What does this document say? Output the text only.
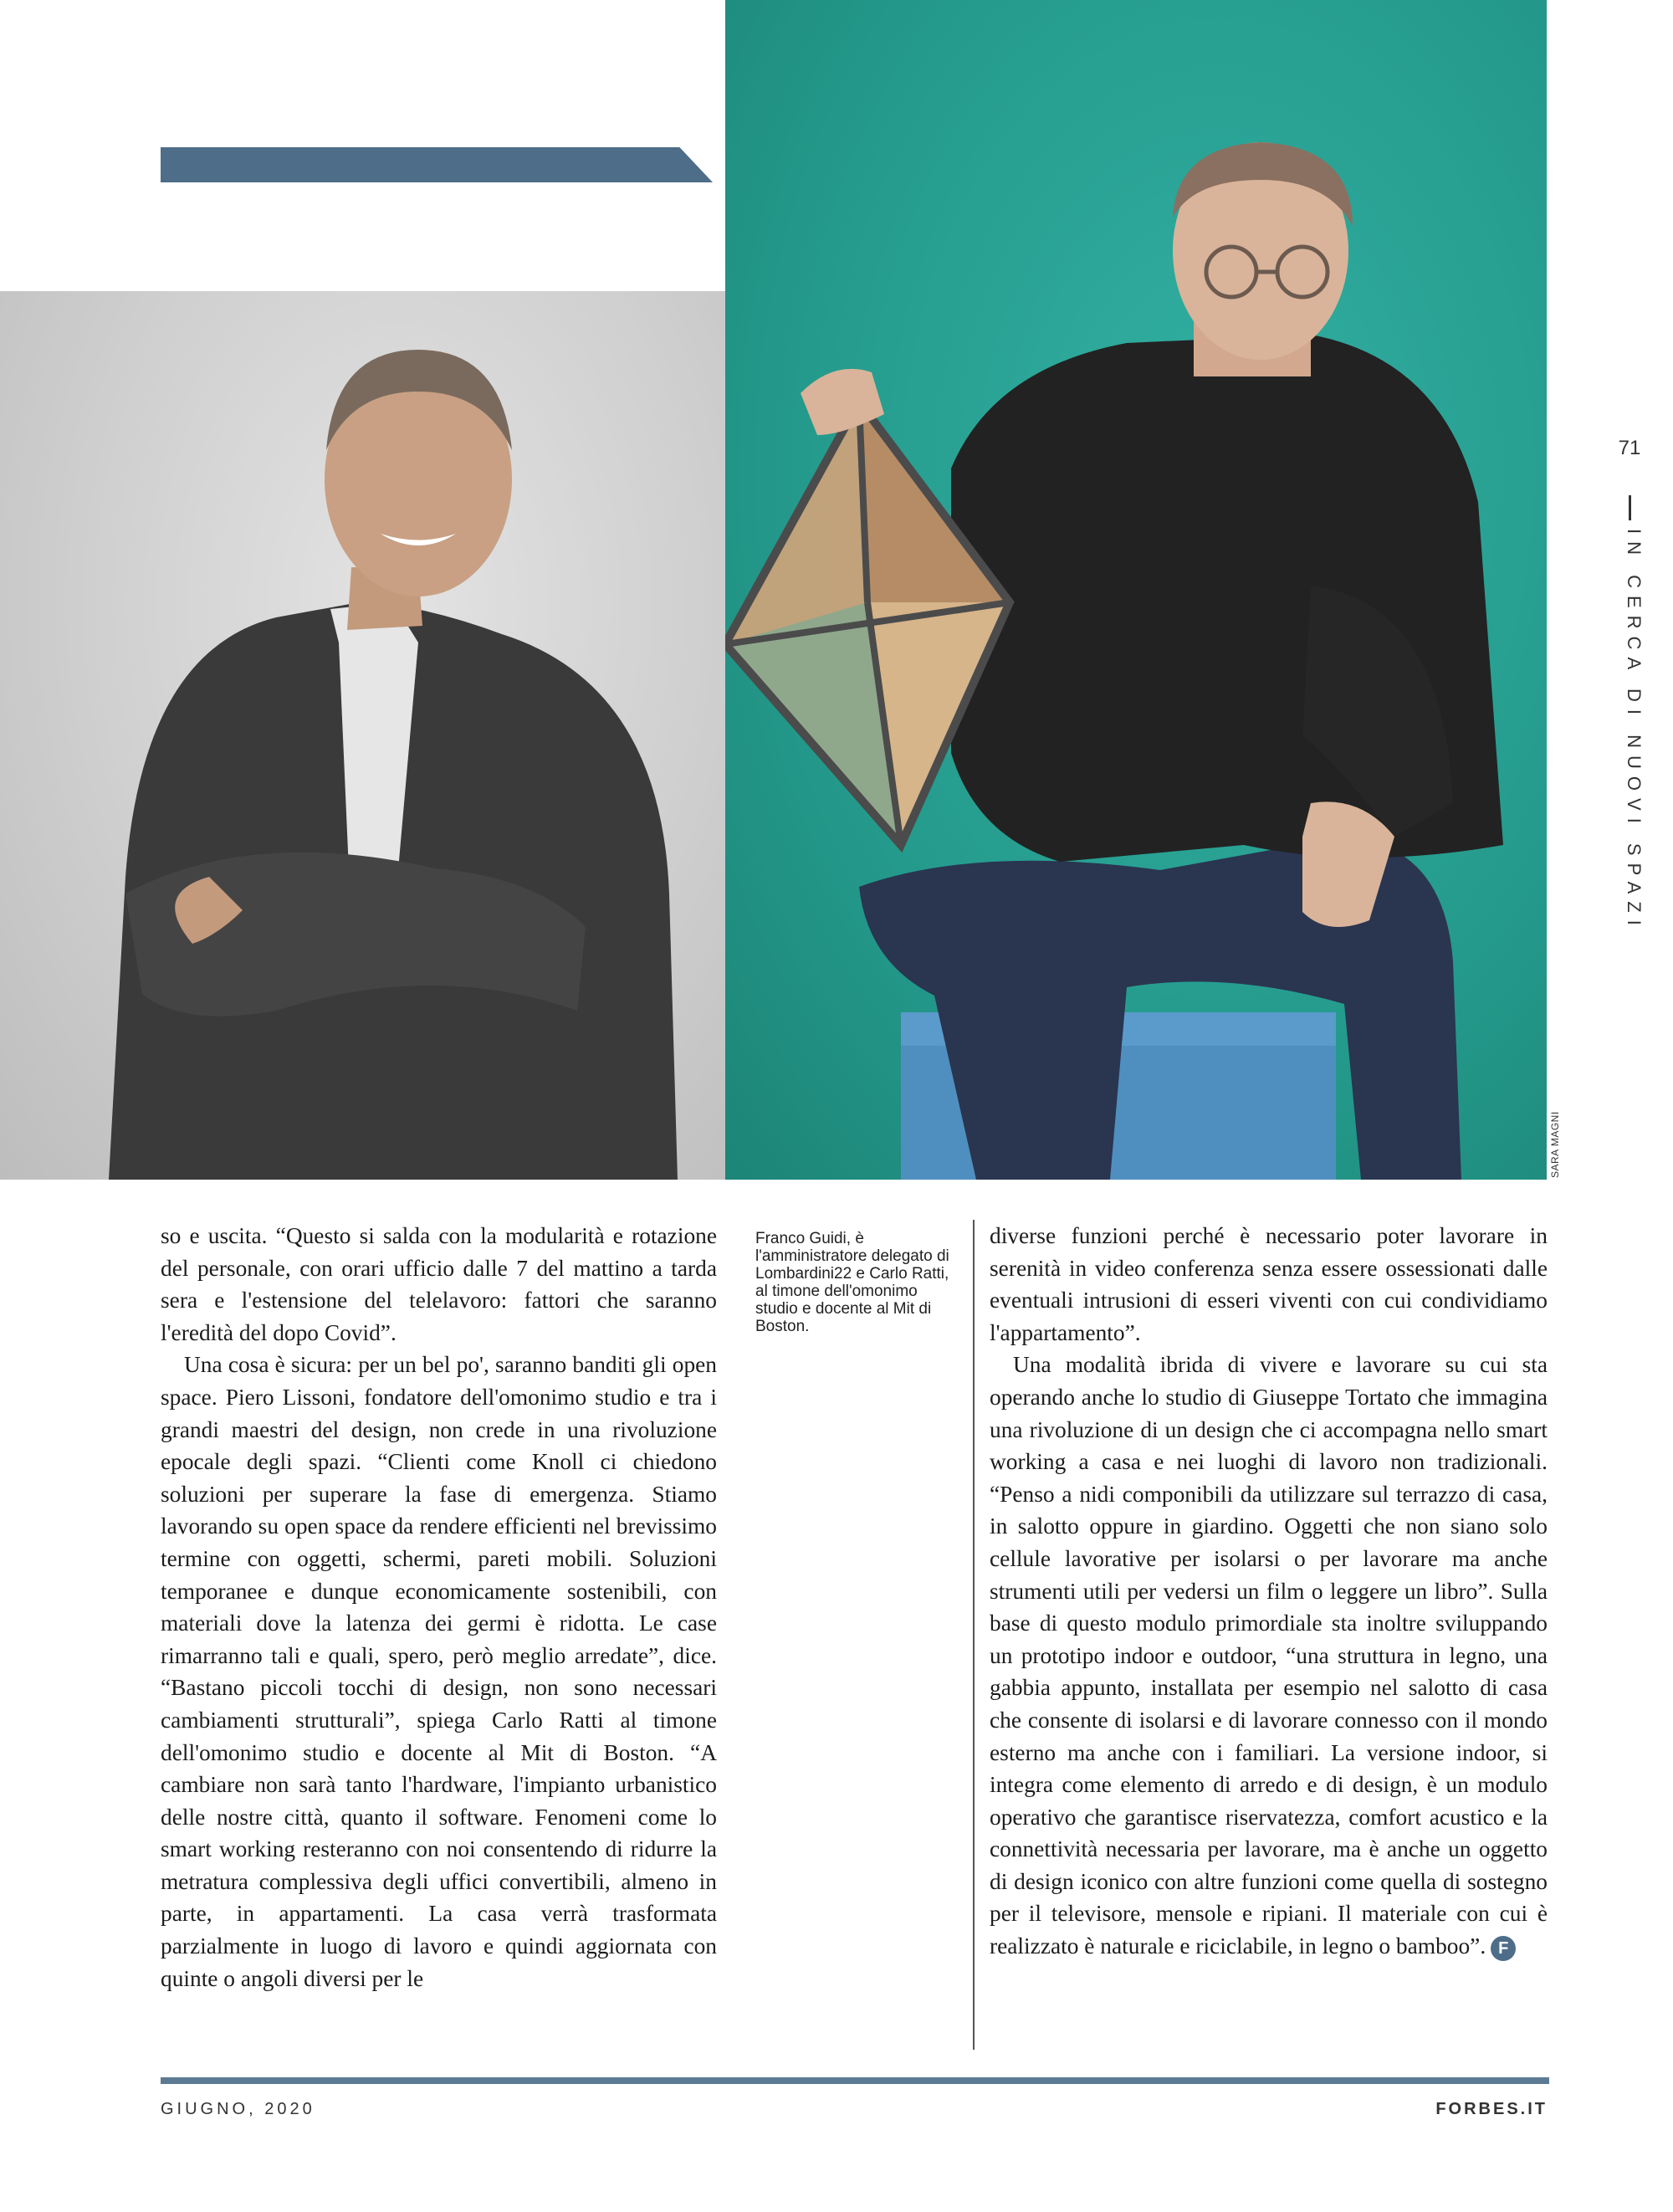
SARA MAGNI
71
IN CERCA DI NUOVI SPAZI

so e uscita. “Questo si salda con la modularità e rotazione del personale, con orari ufficio dalle 7 del mattino a tarda sera e l'estensione del telelavoro: fattori che saranno l'eredità del dopo Covid”.

Una cosa è sicura: per un bel po', saranno banditi gli open space. Piero Lissoni, fondatore dell'omonimo studio e tra i grandi maestri del design, non crede in una rivoluzione epocale degli spazi. “Clienti come Knoll ci chiedono soluzioni per superare la fase di emergenza. Stiamo lavorando su open space da rendere efficienti nel brevissimo termine con oggetti, schermi, pareti mobili. Soluzioni temporanee e dunque economicamente sostenibili, con materiali dove la latenza dei germi è ridotta. Le case rimarranno tali e quali, spero, però meglio arredate”, dice. “Bastano piccoli tocchi di design, non sono necessari cambiamenti strutturali”, spiega Carlo Ratti al timone dell'omonimo studio e docente al Mit di Boston. “A cambiare non sarà tanto l'hardware, l'impianto urbanistico delle nostre città, quanto il software. Fenomeni come lo smart working resteranno con noi consentendo di ridurre la metratura complessiva degli uffici convertibili, almeno in parte, in appartamenti. La casa verrà trasformata parzialmente in luogo di lavoro e quindi aggiornata con quinte o angoli diversi per le

Franco Guidi, è l'amministratore delegato di Lombardini22 e Carlo Ratti, al timone dell'omonimo studio e docente al Mit di Boston.

diverse funzioni perché è necessario poter lavorare in serenità in video conferenza senza essere ossessionati dalle eventuali intrusioni di esseri viventi con cui condividiamo l'appartamento”.

Una modalità ibrida di vivere e lavorare su cui sta operando anche lo studio di Giuseppe Tortato che immagina una rivoluzione di un design che ci accompagna nello smart working a casa e nei luoghi di lavoro non tradizionali. “Penso a nidi componibili da utilizzare sul terrazzo di casa, in salotto oppure in giardino. Oggetti che non siano solo cellule lavorative per isolarsi o per lavorare ma anche strumenti utili per vedersi un film o leggere un libro”. Sulla base di questo modulo primordiale sta inoltre sviluppando un prototipo indoor e outdoor, “una struttura in legno, una gabbia appunto, installata per esempio nel salotto di casa che consente di isolarsi e di lavorare connesso con il mondo esterno ma anche con i familiari. La versione indoor, si integra come elemento di arredo e di design, è un modulo operativo che garantisce riservatezza, comfort acustico e la connettività necessaria per lavorare, ma è anche un oggetto di design iconico con altre funzioni come quella di sostegno per il televisore, mensole e ripiani. Il materiale con cui è realizzato è naturale e riciclabile, in legno o bamboo”. F

GIUGNO, 2020	FORBES.IT
